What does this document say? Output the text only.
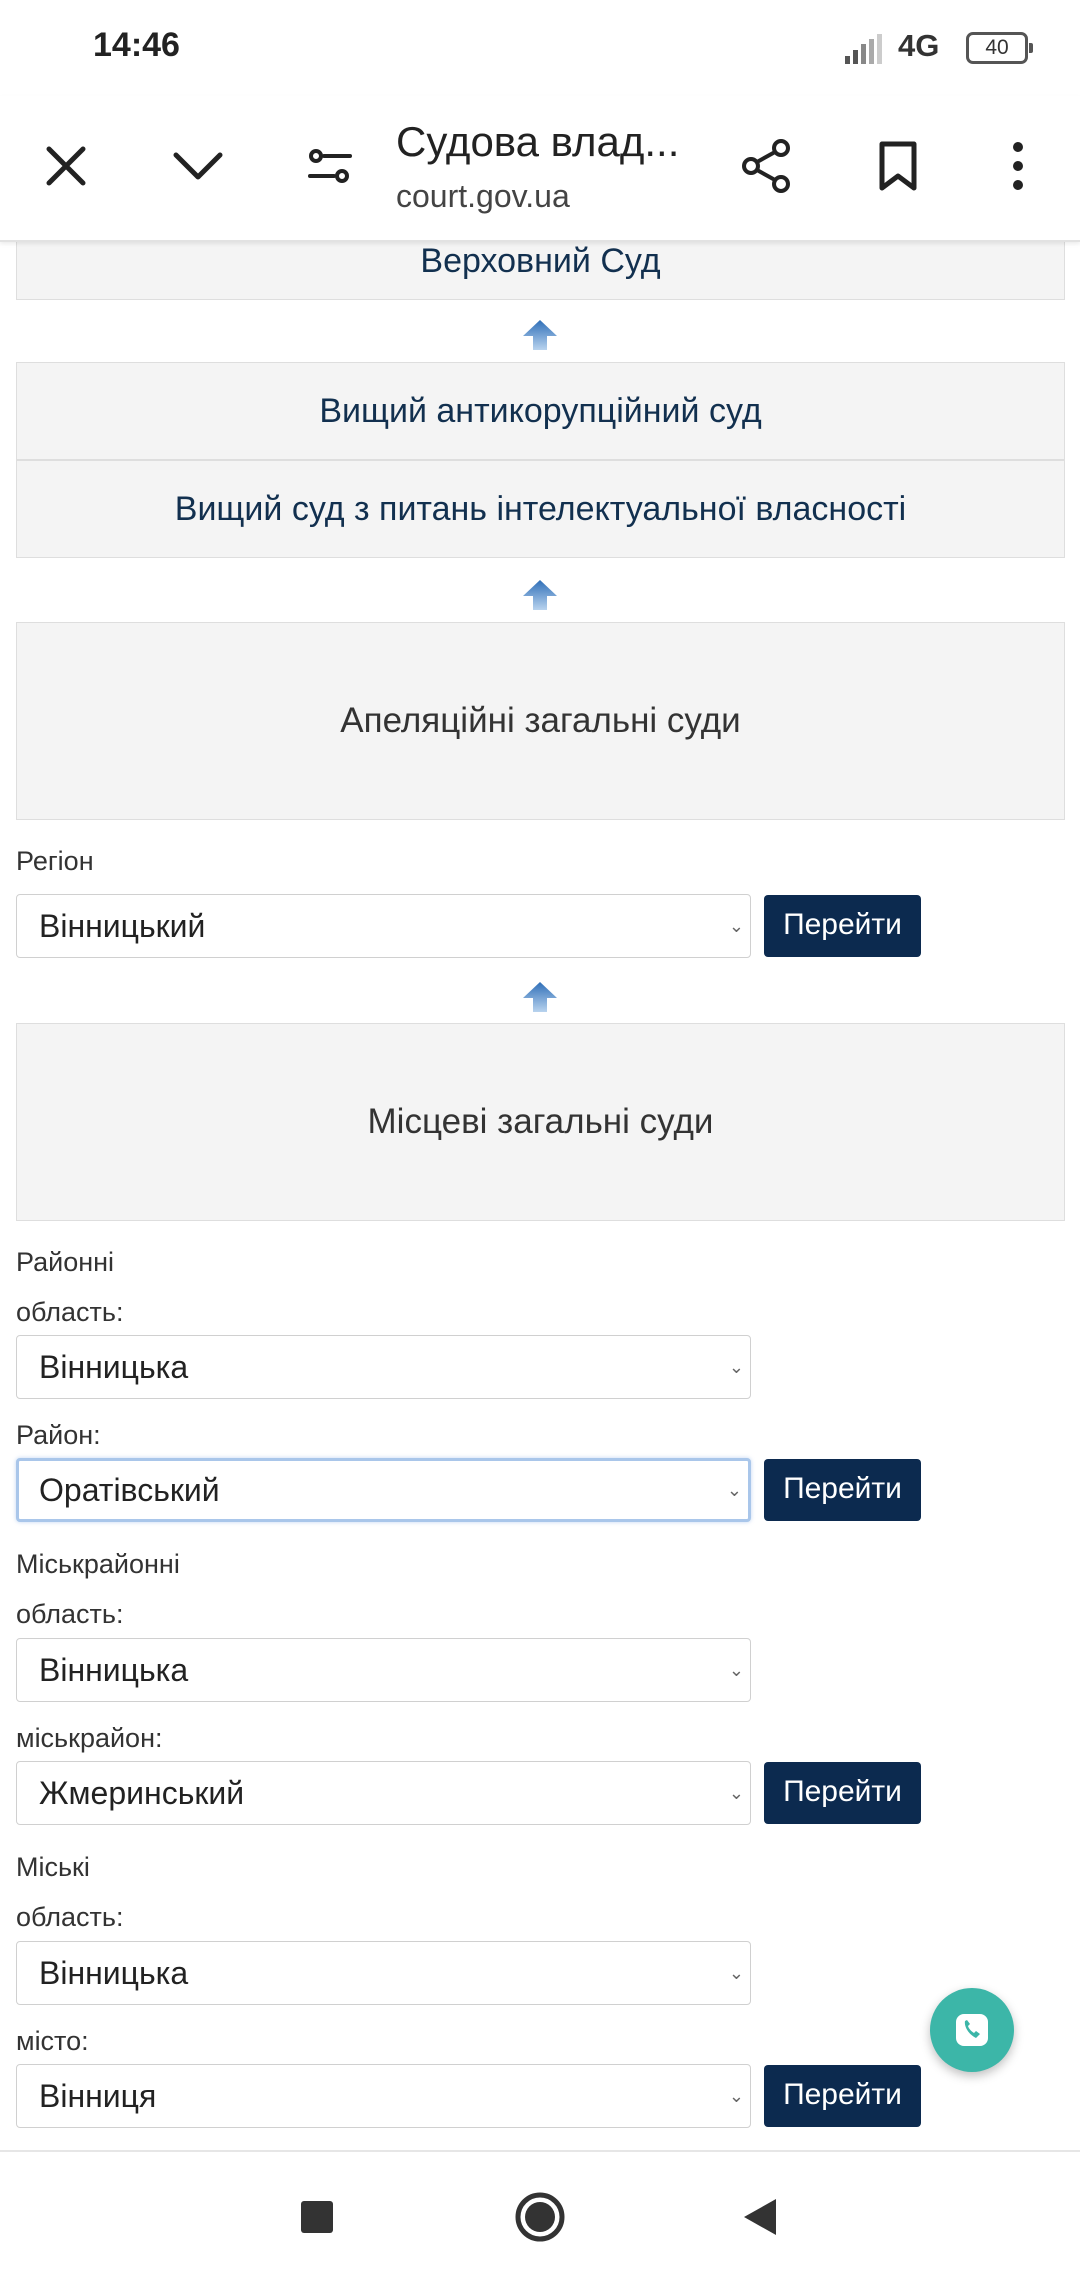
14:46	4G	40
Судова влад...
court.gov.ua
Верховний Суд
Вищий антикорупційний суд
Вищий суд з питань інтелектуальної власності
Апеляційні загальні суди
Регіон
Вінницький	⌄	Перейти
Місцеві загальні суди
Районні
область:
Вінницька	⌄
Район:
Оратівський	⌄	Перейти
Міськрайонні
область:
Вінницька	⌄
міськрайон:
Жмеринський	⌄	Перейти
Міські
область:
Вінницька	⌄
місто:
Вінниця	⌄	Перейти
